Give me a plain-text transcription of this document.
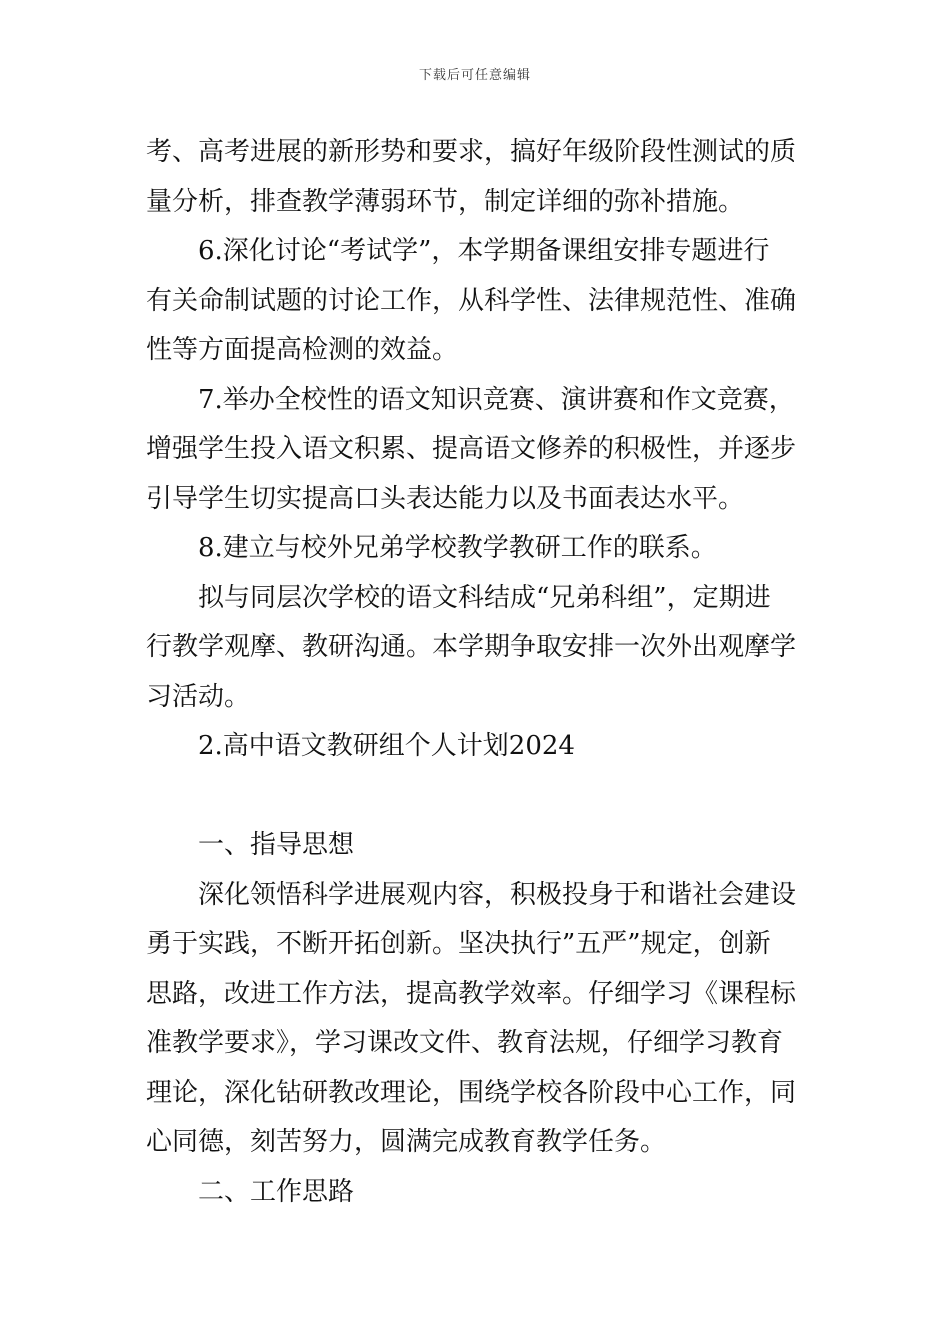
下载后可任意编辑
考、高考进展的新形势和要求，搞好年级阶段性测试的质
量分析，排查教学薄弱环节，制定详细的弥补措施。
6.深化讨论“考试学”，本学期备课组安排专题进行
有关命制试题的讨论工作，从科学性、法律规范性、准确
性等方面提高检测的效益。
7.举办全校性的语文知识竞赛、演讲赛和作文竞赛，
增强学生投入语文积累、提高语文修养的积极性，并逐步
引导学生切实提高口头表达能力以及书面表达水平。
8.建立与校外兄弟学校教学教研工作的联系。
拟与同层次学校的语文科结成“兄弟科组”，定期进
行教学观摩、教研沟通。本学期争取安排一次外出观摩学
习活动。
2.高中语文教研组个人计划2024
一、指导思想
深化领悟科学进展观内容，积极投身于和谐社会建设
勇于实践，不断开拓创新。坚决执行”五严”规定，创新
思路，改进工作方法，提高教学效率。仔细学习《课程标
准教学要求》，学习课改文件、教育法规，仔细学习教育
理论，深化钻研教改理论，围绕学校各阶段中心工作，同
心同德，刻苦努力，圆满完成教育教学任务。
二、工作思路
